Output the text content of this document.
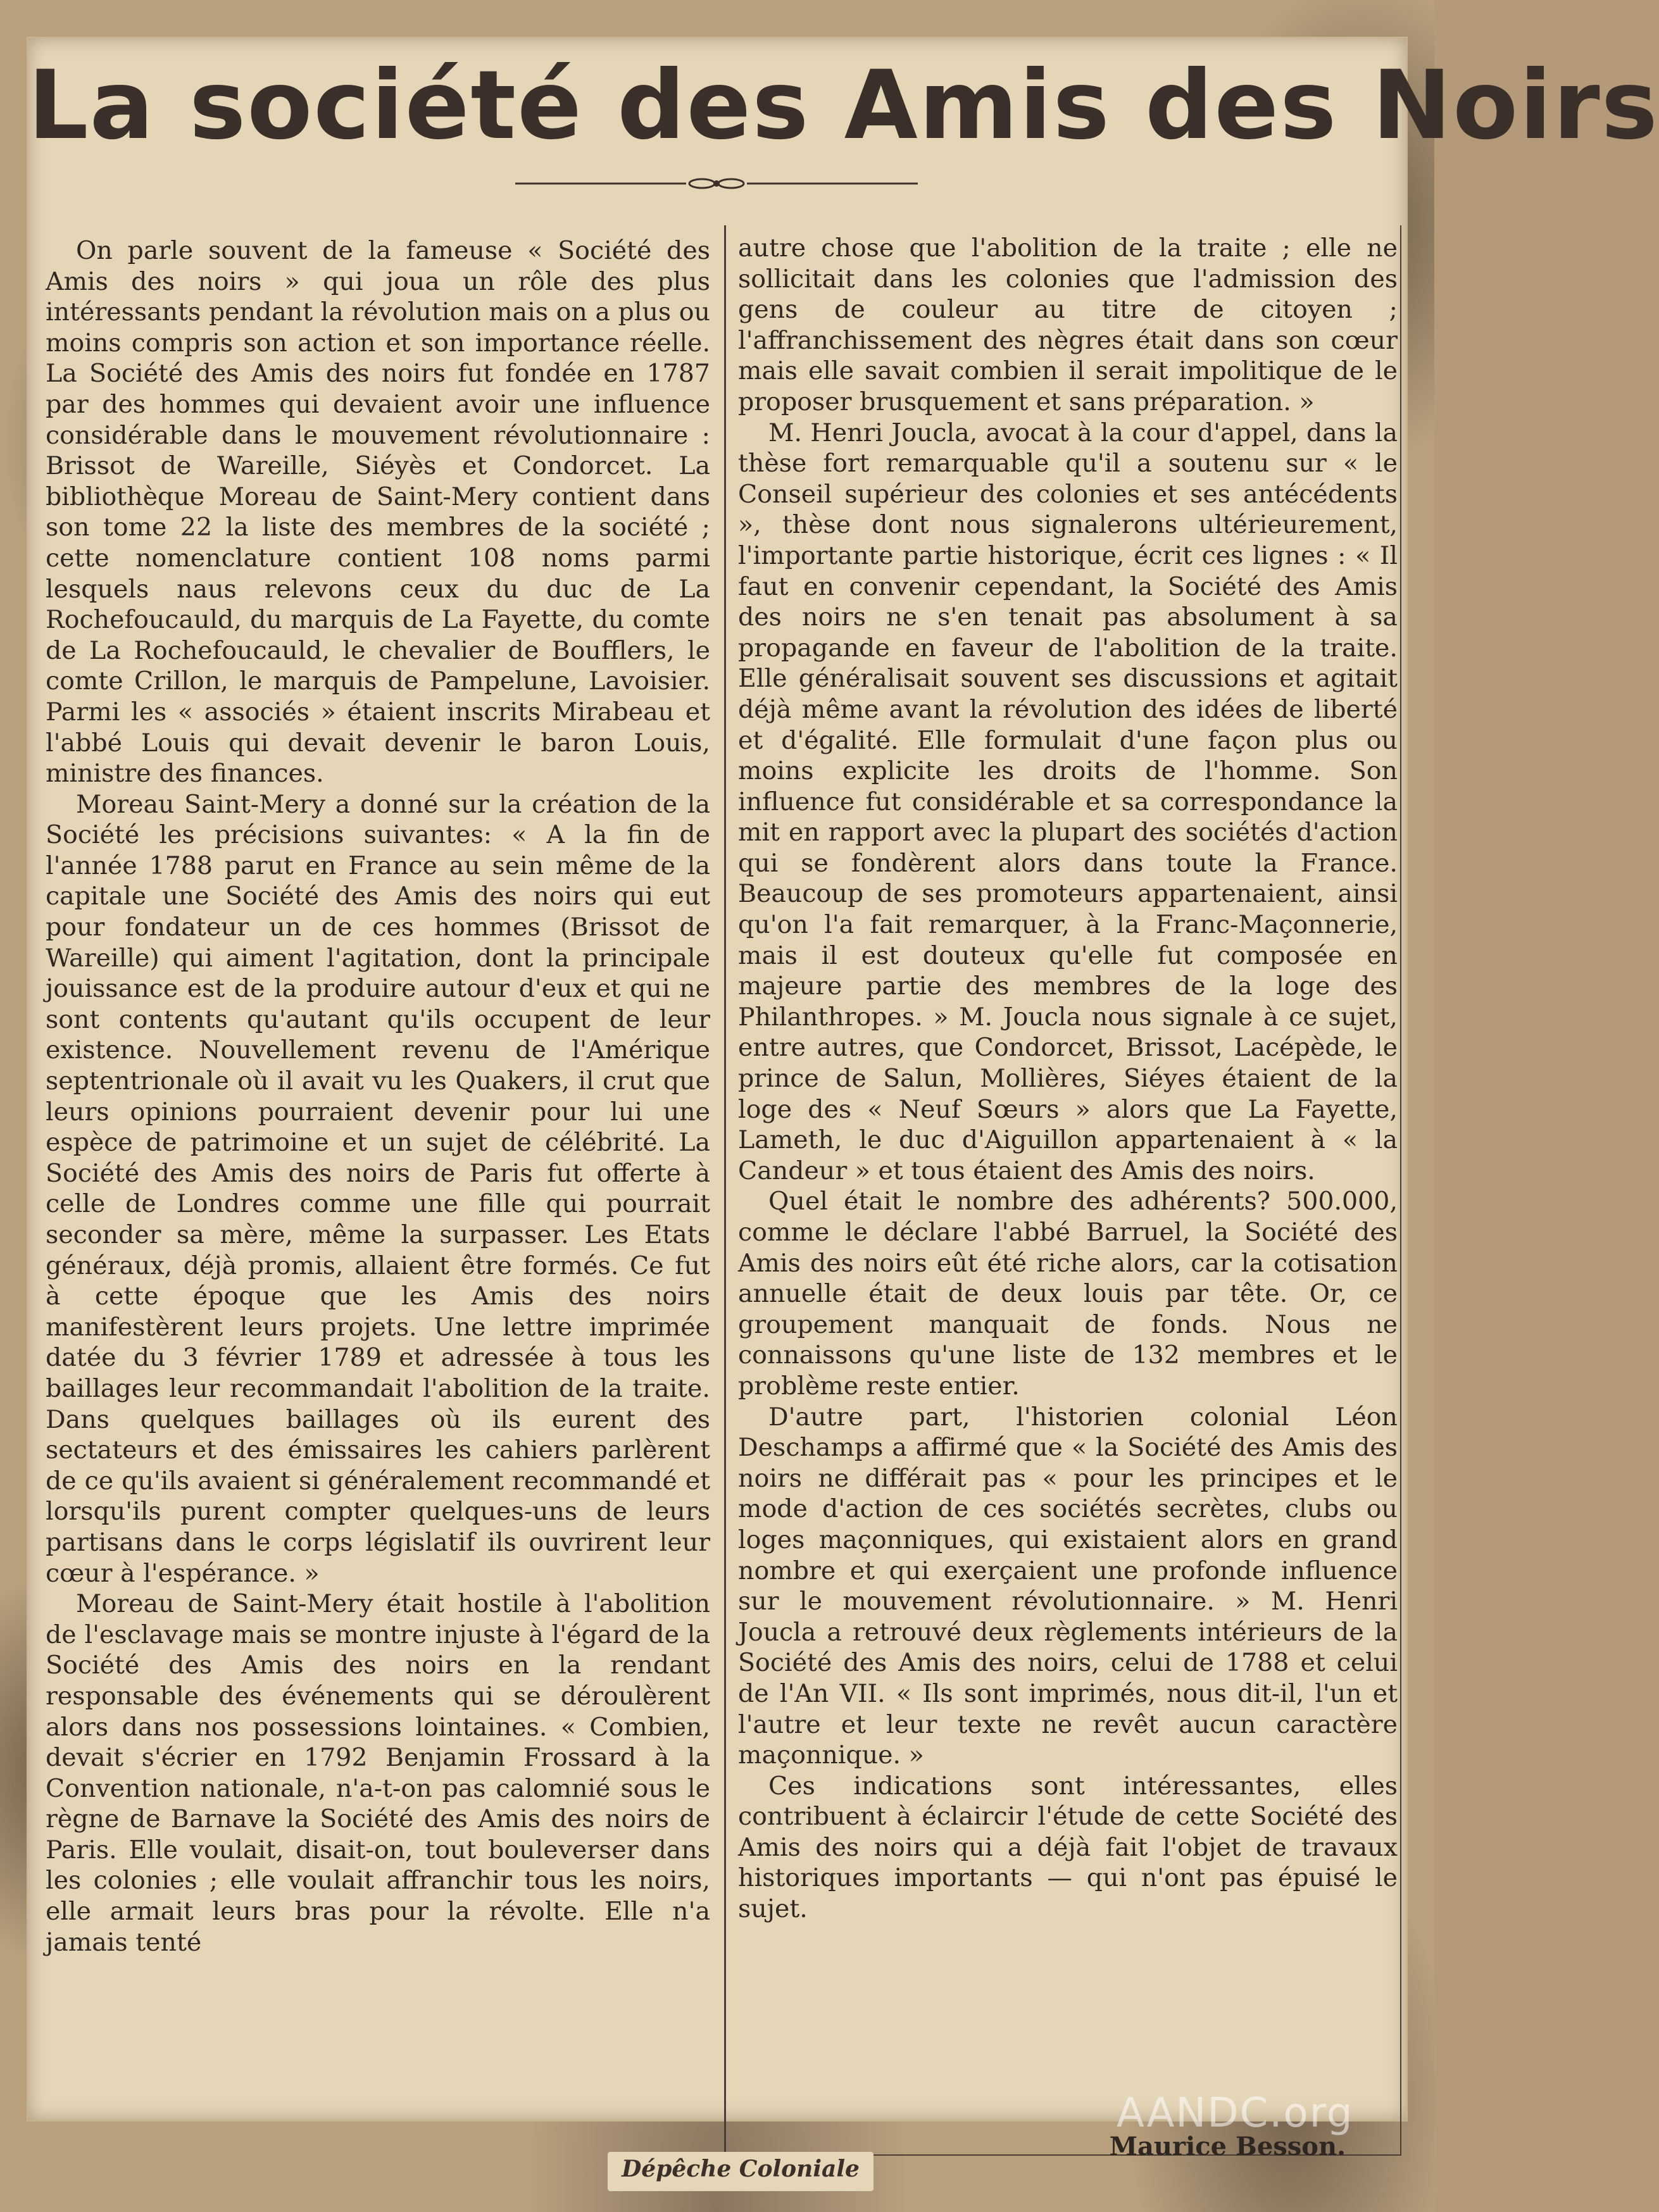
La société des Amis des Noirs

On parle souvent de la fameuse « Société des Amis des noirs » qui joua un rôle des plus intéressants pendant la révolution mais on a plus ou moins compris son action et son importance réelle. La Société des Amis des noirs fut fondée en 1787 par des hommes qui devaient avoir une influence considérable dans le mouvement révolutionnaire : Brissot de Wareille, Siéyès et Condorcet. La bibliothèque Moreau de Saint-Mery contient dans son tome 22 la liste des membres de la société ; cette nomenclature contient 108 noms parmi lesquels naus relevons ceux du duc de La Rochefoucauld, du marquis de La Fayette, du comte de La Rochefoucauld, le chevalier de Boufflers, le comte Crillon, le marquis de Pampelune, Lavoisier. Parmi les « associés » étaient inscrits Mirabeau et l'abbé Louis qui devait devenir le baron Louis, ministre des finances.

Moreau Saint-Mery a donné sur la création de la Société les précisions suivantes: « A la fin de l'année 1788 parut en France au sein même de la capitale une Société des Amis des noirs qui eut pour fondateur un de ces hommes (Brissot de Wareille) qui aiment l'agitation, dont la principale jouissance est de la produire autour d'eux et qui ne sont contents qu'autant qu'ils occupent de leur existence. Nouvellement revenu de l'Amérique septentrionale où il avait vu les Quakers, il crut que leurs opinions pourraient devenir pour lui une espèce de patrimoine et un sujet de célébrité. La Société des Amis des noirs de Paris fut offerte à celle de Londres comme une fille qui pourrait seconder sa mère, même la surpasser. Les Etats généraux, déjà promis, allaient être formés. Ce fut à cette époque que les Amis des noirs manifestèrent leurs projets. Une lettre imprimée datée du 3 février 1789 et adressée à tous les baillages leur recommandait l'abolition de la traite. Dans quelques baillages où ils eurent des sectateurs et des émissaires les cahiers parlèrent de ce qu'ils avaient si généralement recommandé et lorsqu'ils purent compter quelques-uns de leurs partisans dans le corps législatif ils ouvrirent leur cœur à l'espérance. »

Moreau de Saint-Mery était hostile à l'abolition de l'esclavage mais se montre injuste à l'égard de la Société des Amis des noirs en la rendant responsable des événements qui se déroulèrent alors dans nos possessions lointaines. « Combien, devait s'écrier en 1792 Benjamin Frossard à la Convention nationale, n'a-t-on pas calomnié sous le règne de Barnave la Société des Amis des noirs de Paris. Elle voulait, disait-on, tout bouleverser dans les colonies ; elle voulait affranchir tous les noirs, elle armait leurs bras pour la révolte. Elle n'a jamais tenté

autre chose que l'abolition de la traite ; elle ne sollicitait dans les colonies que l'admission des gens de couleur au titre de citoyen ; l'affranchissement des nègres était dans son cœur mais elle savait combien il serait impolitique de le proposer brusquement et sans préparation. »

M. Henri Joucla, avocat à la cour d'appel, dans la thèse fort remarquable qu'il a soutenu sur « le Conseil supérieur des colonies et ses antécédents », thèse dont nous signalerons ultérieurement, l'importante partie historique, écrit ces lignes : « Il faut en convenir cependant, la Société des Amis des noirs ne s'en tenait pas absolument à sa propagande en faveur de l'abolition de la traite. Elle généralisait souvent ses discussions et agitait déjà même avant la révolution des idées de liberté et d'égalité. Elle formulait d'une façon plus ou moins explicite les droits de l'homme. Son influence fut considérable et sa correspondance la mit en rapport avec la plupart des sociétés d'action qui se fondèrent alors dans toute la France. Beaucoup de ses promoteurs appartenaient, ainsi qu'on l'a fait remarquer, à la Franc-Maçonnerie, mais il est douteux qu'elle fut composée en majeure partie des membres de la loge des Philanthropes. » M. Joucla nous signale à ce sujet, entre autres, que Condorcet, Brissot, Lacépède, le prince de Salun, Mollières, Siéyes étaient de la loge des « Neuf Sœurs » alors que La Fayette, Lameth, le duc d'Aiguillon appartenaient à « la Candeur » et tous étaient des Amis des noirs.

Quel était le nombre des adhérents? 500.000, comme le déclare l'abbé Barruel, la Société des Amis des noirs eût été riche alors, car la cotisation annuelle était de deux louis par tête. Or, ce groupement manquait de fonds. Nous ne connaissons qu'une liste de 132 membres et le problème reste entier.

D'autre part, l'historien colonial Léon Deschamps a affirmé que « la Société des Amis des noirs ne différait pas « pour les principes et le mode d'action de ces sociétés secrètes, clubs ou loges maçonniques, qui existaient alors en grand nombre et qui exerçaient une profonde influence sur le mouvement révolutionnaire. » M. Henri Joucla a retrouvé deux règlements intérieurs de la Société des Amis des noirs, celui de 1788 et celui de l'An VII. « Ils sont imprimés, nous dit-il, l'un et l'autre et leur texte ne revêt aucun caractère maçonnique. »

Ces indications sont intéressantes, elles contribuent à éclaircir l'étude de cette Société des Amis des noirs qui a déjà fait l'objet de travaux historiques importants — qui n'ont pas épuisé le sujet.

AANDC.org
Maurice Besson.
Dépêche Coloniale
